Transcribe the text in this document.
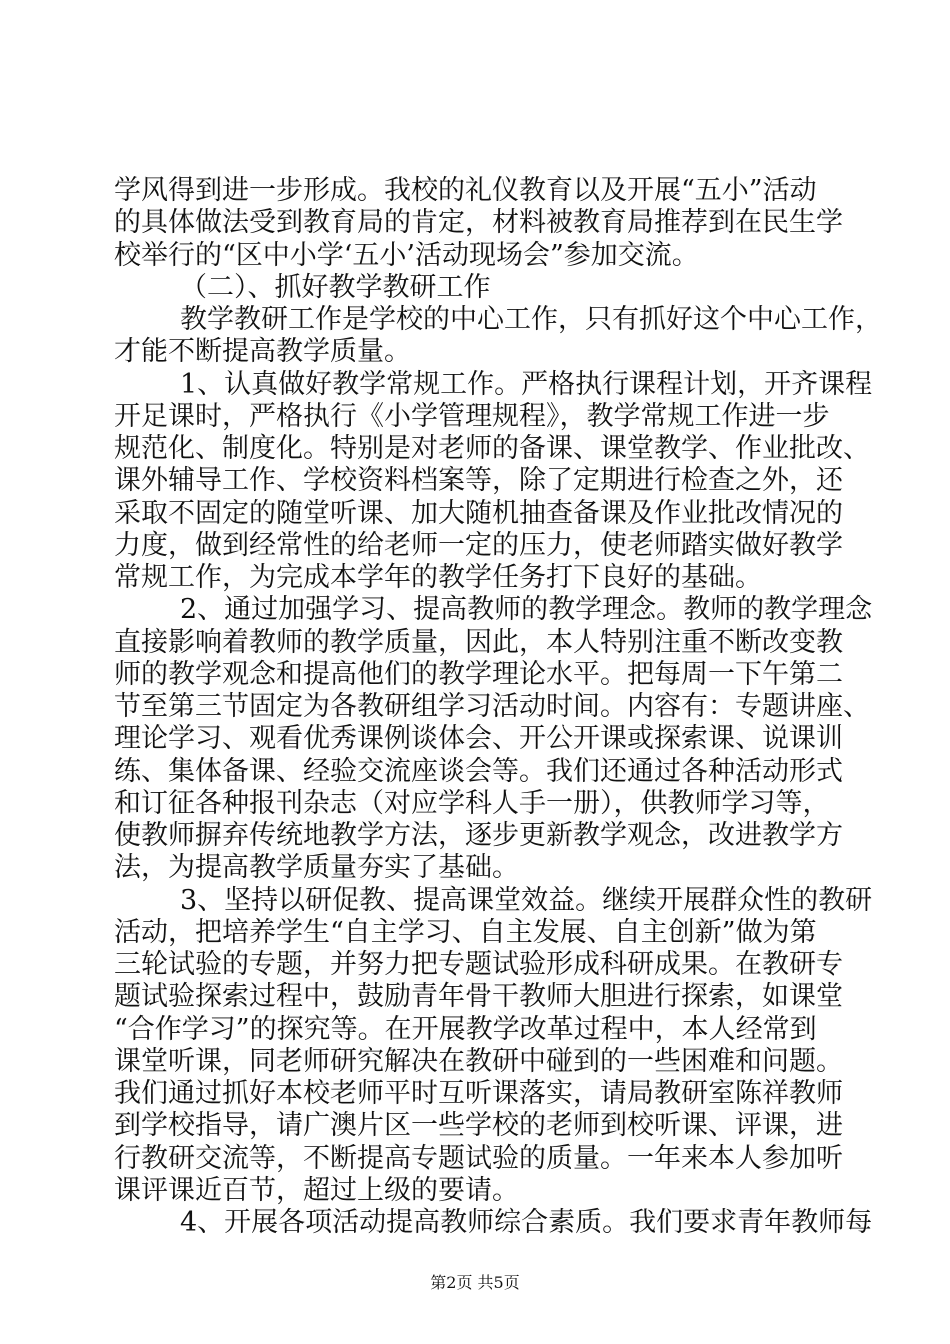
学风得到进一步形成。我校的礼仪教育以及开展“五小”活动
的具体做法受到教育局的肯定，材料被教育局推荐到在民生学
校举行的“区中小学‘五小’活动现场会”参加交流。
（二）、抓好教学教研工作
教学教研工作是学校的中心工作，只有抓好这个中心工作，
才能不断提高教学质量。
1、认真做好教学常规工作。严格执行课程计划，开齐课程
开足课时，严格执行《小学管理规程》，教学常规工作进一步
规范化、制度化。特别是对老师的备课、课堂教学、作业批改、
课外辅导工作、学校资料档案等，除了定期进行检查之外，还
采取不固定的随堂听课、加大随机抽查备课及作业批改情况的
力度，做到经常性的给老师一定的压力，使老师踏实做好教学
常规工作，为完成本学年的教学任务打下良好的基础。
2、通过加强学习、提高教师的教学理念。教师的教学理念
直接影响着教师的教学质量，因此，本人特别注重不断改变教
师的教学观念和提高他们的教学理论水平。把每周一下午第二
节至第三节固定为各教研组学习活动时间。内容有：专题讲座、
理论学习、观看优秀课例谈体会、开公开课或探索课、说课训
练、集体备课、经验交流座谈会等。我们还通过各种活动形式
和订征各种报刊杂志（对应学科人手一册），供教师学习等，
使教师摒弃传统地教学方法，逐步更新教学观念，改进教学方
法，为提高教学质量夯实了基础。
3、坚持以研促教、提高课堂效益。继续开展群众性的教研
活动，把培养学生“自主学习、自主发展、自主创新”做为第
三轮试验的专题，并努力把专题试验形成科研成果。在教研专
题试验探索过程中，鼓励青年骨干教师大胆进行探索，如课堂
“合作学习”的探究等。在开展教学改革过程中，本人经常到
课堂听课，同老师研究解决在教研中碰到的一些困难和问题。
我们通过抓好本校老师平时互听课落实，请局教研室陈祥教师
到学校指导，请广澳片区一些学校的老师到校听课、评课，进
行教研交流等，不断提高专题试验的质量。一年来本人参加听
课评课近百节，超过上级的要请。
4、开展各项活动提高教师综合素质。我们要求青年教师每
第2页 共5页
